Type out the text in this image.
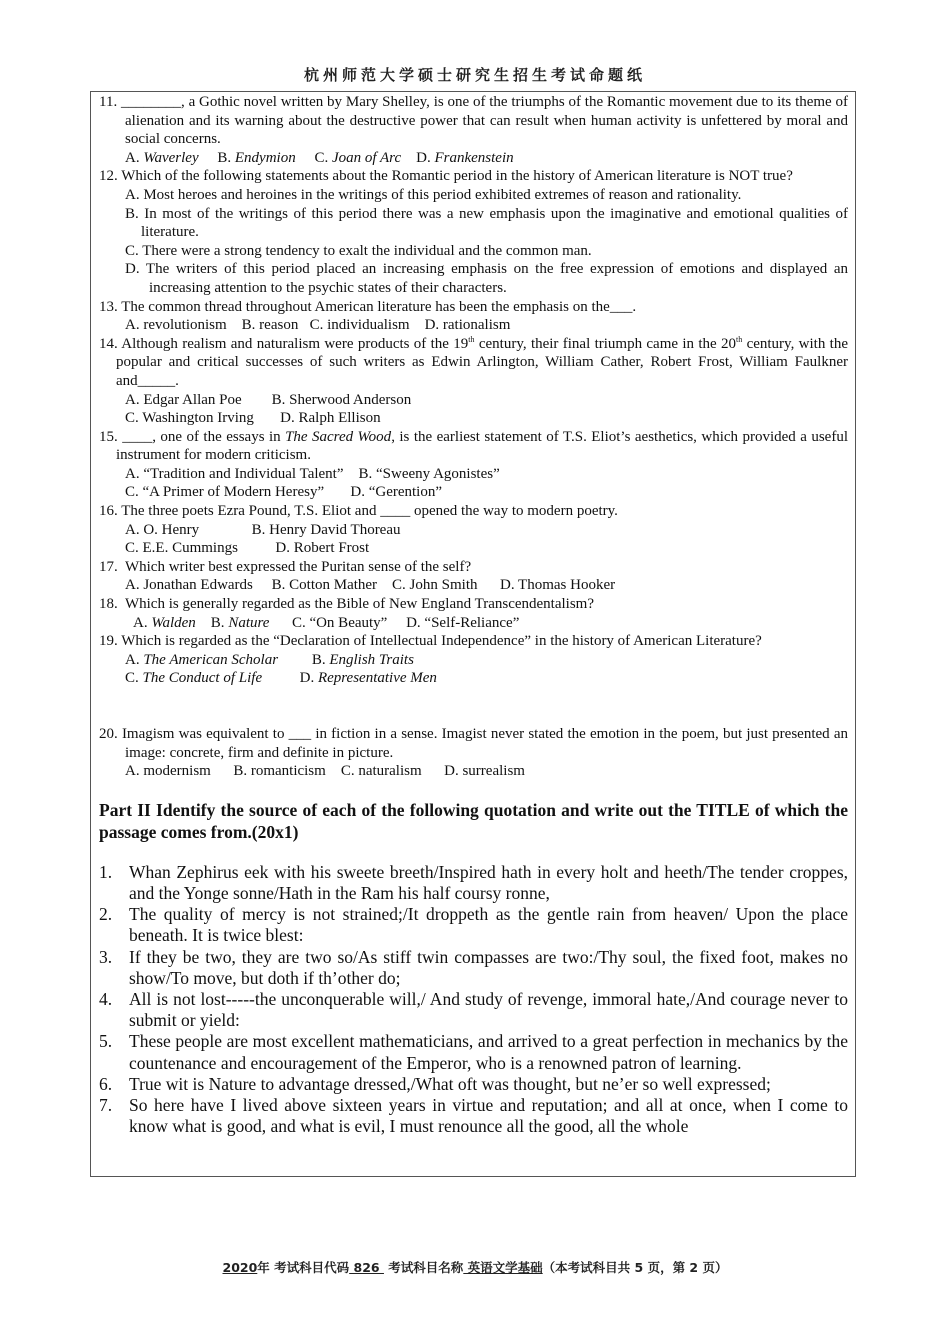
杭州师范大学硕士研究生招生考试命题纸
11. ________, a Gothic novel written by Mary Shelley, is one of the triumphs of the Romantic movement due to its theme of alienation and its warning about the destructive power that can result when human activity is unfettered by moral and social concerns.
A. Waverley B. Endymion C. Joan of Arc D. Frankenstein
12. Which of the following statements about the Romantic period in the history of American literature is NOT true?
A. Most heroes and heroines in the writings of this period exhibited extremes of reason and rationality.
B. In most of the writings of this period there was a new emphasis upon the imaginative and emotional qualities of literature.
C. There were a strong tendency to exalt the individual and the common man.
D. The writers of this period placed an increasing emphasis on the free expression of emotions and displayed an increasing attention to the psychic states of their characters.
13. The common thread throughout American literature has been the emphasis on the___.
A. revolutionism    B. reason   C. individualism    D. rationalism
14. Although realism and naturalism were products of the 19th century, their final triumph came in the 20th century, with the popular and critical successes of such writers as Edwin Arlington, William Cather, Robert Frost, William Faulkner and_____.
A. Edgar Allan Poe        B. Sherwood Anderson
C. Washington Irving       D. Ralph Ellison
15. ____, one of the essays in The Sacred Wood, is the earliest statement of T.S. Eliot’s aesthetics, which provided a useful instrument for modern criticism.
A. “Tradition and Individual Talent”    B. “Sweeny Agonistes”
C. “A Primer of Modern Heresy”       D. “Gerention”
16. The three poets Ezra Pound, T.S. Eliot and ____ opened the way to modern poetry.
A. O. Henry              B. Henry David Thoreau
C. E.E. Cummings          D. Robert Frost
17.  Which writer best expressed the Puritan sense of the self?
A. Jonathan Edwards     B. Cotton Mather    C. John Smith      D. Thomas Hooker
18.  Which is generally regarded as the Bible of New England Transcendentalism?
A. Walden B. Nature C. “On Beauty” D. “Self-Reliance”
19. Which is regarded as the “Declaration of Intellectual Independence” in the history of American Literature?
A. The American Scholar B. English Traits
C. The Conduct of Life	D. Representative Men
20. Imagism was equivalent to ___ in fiction in a sense. Imagist never stated the emotion in the poem, but just presented an image: concrete, firm and definite in picture.
A. modernism      B. romanticism    C. naturalism      D. surrealism
Part II Identify the source of each of the following quotation and write out the TITLE of which the passage comes from.(20x1)
1. Whan Zephirus eek with his sweete breeth/Inspired hath in every holt and heeth/The tender croppes, and the Yonge sonne/Hath in the Ram his half coursy ronne,
2. The quality of mercy is not strained;/It droppeth as the gentle rain from heaven/ Upon the place beneath. It is twice blest:
3. If they be two, they are two so/As stiff twin compasses are two:/Thy soul, the fixed foot, makes no show/To move, but doth if th’other do;
4. All is not lost-----the unconquerable will,/ And study of revenge, immoral hate,/And courage never to submit or yield:
5. These people are most excellent mathematicians, and arrived to a great perfection in mechanics by the countenance and encouragement of the Emperor, who is a renowned patron of learning.
6. True wit is Nature to advantage dressed,/What oft was thought, but ne’er so well expressed;
7. So here have I lived above sixteen years in virtue and reputation; and all at once, when I come to know what is good, and what is evil, I must renounce all the good, all the whole
2020年 考试科目代码 826  考试科目名称 英语文学基础（本考试科目共 5 页，第 2 页）
